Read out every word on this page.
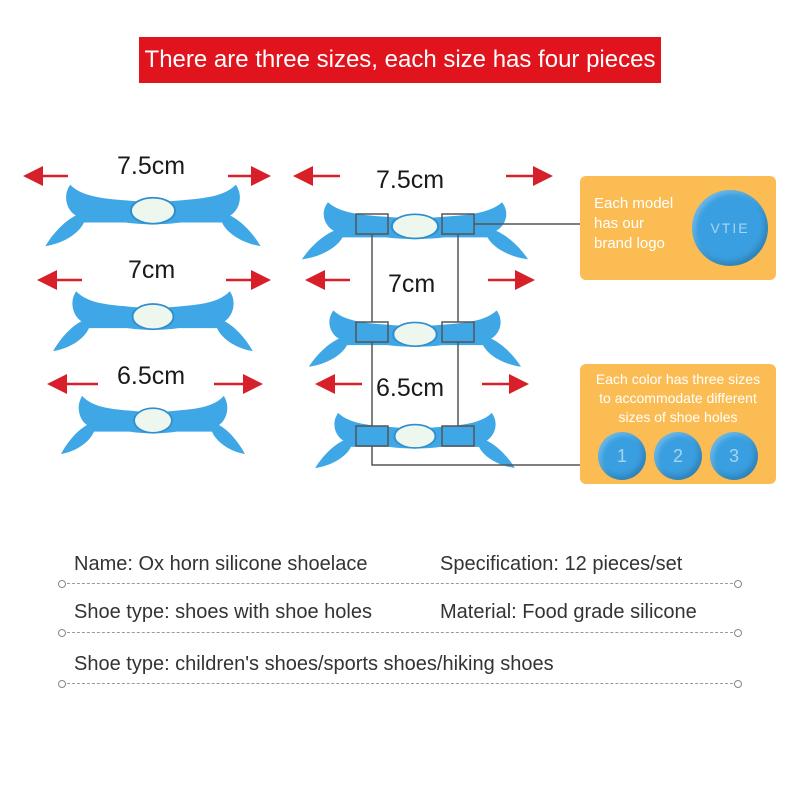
There are three sizes, each size has four pieces
7.5cm
7cm
6.5cm
7.5cm
7cm
6.5cm
Each model has our brand logo
VTIE
Each color has three sizes to accommodate different sizes of shoe holes
1	2	3
Name: Ox horn silicone shoelace	Specification: 12 pieces/set
Shoe type: shoes with shoe holes	Material: Food grade silicone
Shoe type: children's shoes/sports shoes/hiking shoes
